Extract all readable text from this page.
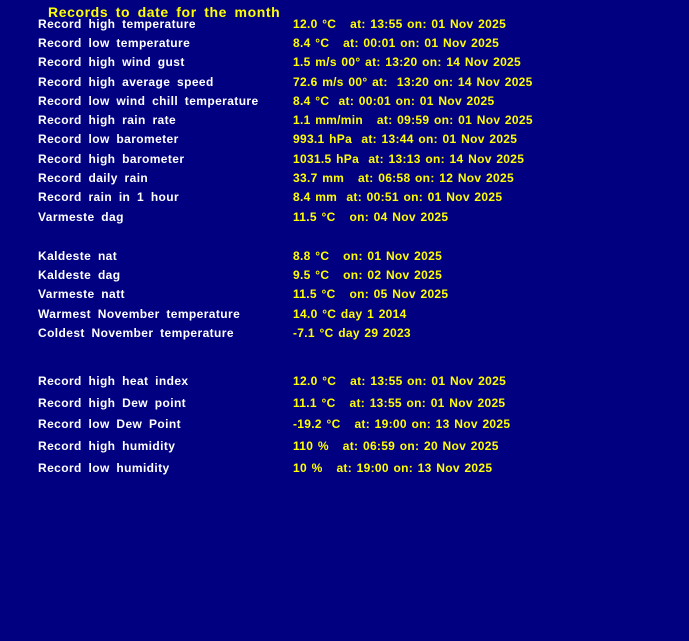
Records to date for the month
Record high temperature	12.0 °C   at: 13:55 on: 01 Nov 2025
Record low temperature	8.4 °C   at: 00:01 on: 01 Nov 2025
Record high wind gust	1.5 m/s 00° at: 13:20 on: 14 Nov 2025
Record high average speed	72.6 m/s 00° at:  13:20 on: 14 Nov 2025
Record low wind chill temperature	8.4 °C  at: 00:01 on: 01 Nov 2025
Record high rain rate	1.1 mm/min   at: 09:59 on: 01 Nov 2025
Record low barometer	993.1 hPa  at: 13:44 on: 01 Nov 2025
Record high barometer	1031.5 hPa  at: 13:13 on: 14 Nov 2025
Record daily rain	33.7 mm   at: 06:58 on: 12 Nov 2025
Record rain in 1 hour	8.4 mm  at: 00:51 on: 01 Nov 2025
Varmeste dag	11.5 °C   on: 04 Nov 2025
Kaldeste nat	8.8 °C   on: 01 Nov 2025
Kaldeste dag	9.5 °C   on: 02 Nov 2025
Varmeste natt	11.5 °C   on: 05 Nov 2025
Warmest November temperature	14.0 °C day 1 2014
Coldest November temperature	-7.1 °C day 29 2023
Record high heat index	12.0 °C   at: 13:55 on: 01 Nov 2025
Record high Dew point	11.1 °C   at: 13:55 on: 01 Nov 2025
Record low Dew Point	-19.2 °C   at: 19:00 on: 13 Nov 2025
Record high humidity	110 %   at: 06:59 on: 20 Nov 2025
Record low humidity	10 %   at: 19:00 on: 13 Nov 2025
